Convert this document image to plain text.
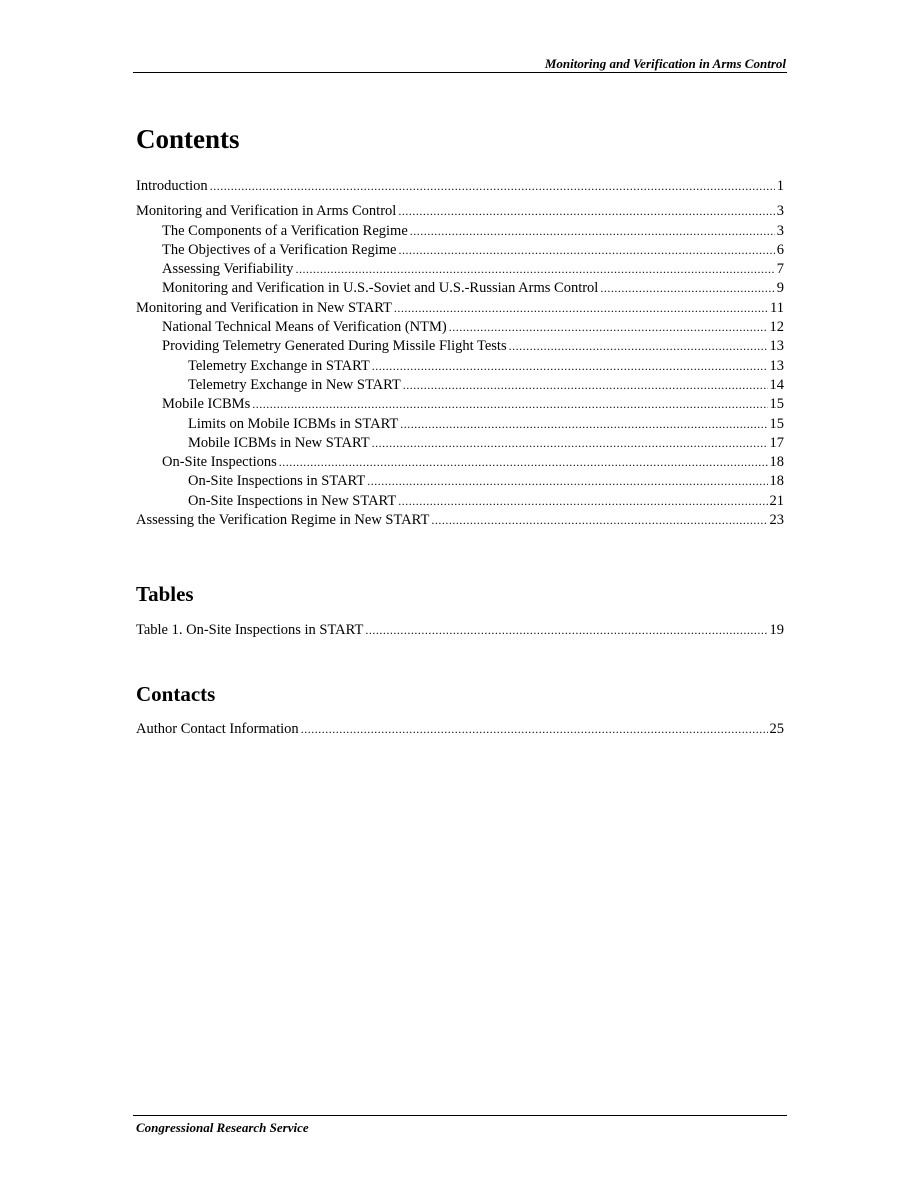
Monitoring and Verification in Arms Control
Contents
Introduction .....	1
Monitoring and Verification in Arms Control .....	3
The Components of a Verification Regime .....	3
The Objectives of a Verification Regime .....	6
Assessing Verifiability .....	7
Monitoring and Verification in U.S.-Soviet and U.S.-Russian Arms Control .....	9
Monitoring and Verification in New START .....	11
National Technical Means of Verification (NTM) .....	12
Providing Telemetry Generated During Missile Flight Tests .....	13
Telemetry Exchange in START .....	13
Telemetry Exchange in New START .....	14
Mobile ICBMs .....	15
Limits on Mobile ICBMs in START .....	15
Mobile ICBMs in New START .....	17
On-Site Inspections .....	18
On-Site Inspections in START .....	18
On-Site Inspections in New START .....	21
Assessing the Verification Regime in New START .....	23
Tables
Table 1. On-Site Inspections in START .....	19
Contacts
Author Contact Information .....	25
Congressional Research Service
